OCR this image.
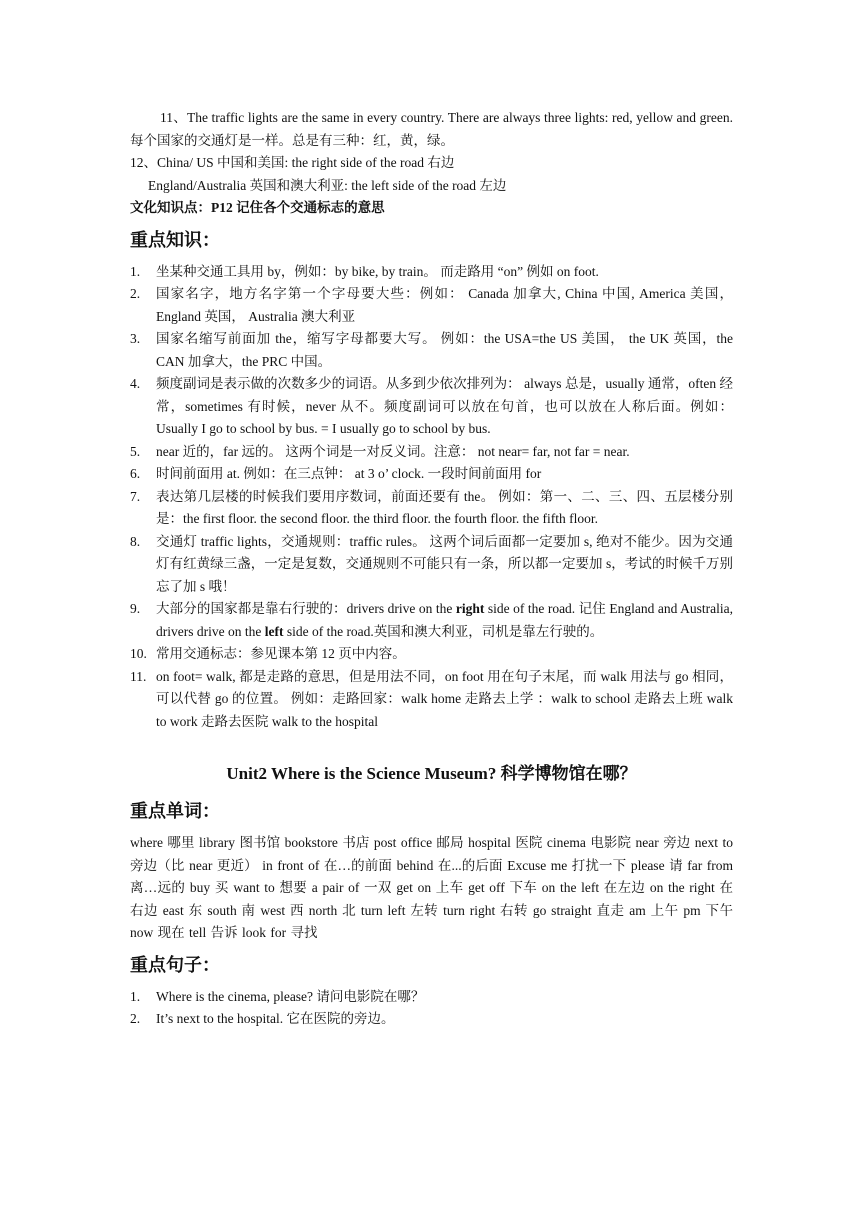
11、The traffic lights are the same in every country. There are always three lights: red, yellow and green. 每个国家的交通灯是一样。总是有三种：红，黄，绿。

12、China/ US 中国和美国: the right side of the road 右边

England/Australia 英国和澳大利亚: the left side of the road 左边

文化知识点：P12 记住各个交通标志的意思

重点知识：
1. 坐某种交通工具用 by，例如：by bike, by train。 而走路用 “on” 例如 on foot.
2. 国家名字，地方名字第一个字母要大些：例如： Canada 加拿大, China 中国, America 美国， England 英国， Australia 澳大利亚
3. 国家名缩写前面加 the，缩写字母都要大写。 例如：the USA=the US 美国， the UK 英国，the CAN 加拿大，the PRC 中国。
4. 频度副词是表示做的次数多少的词语。从多到少依次排列为： always 总是，usually 通常，often 经常，sometimes 有时候，never 从不。频度副词可以放在句首，也可以放在人称后面。例如：Usually I go to school by bus. = I usually go to school by bus.
5. near 近的，far 远的。 这两个词是一对反义词。注意： not near= far, not far = near.
6. 时间前面用 at. 例如：在三点钟： at 3 o’ clock. 一段时间前面用 for
7. 表达第几层楼的时候我们要用序数词，前面还要有 the。 例如：第一、二、三、四、五层楼分别是：the first floor. the second floor. the third floor. the fourth floor. the fifth floor.
8. 交通灯 traffic lights，交通规则：traffic rules。 这两个词后面都一定要加 s, 绝对不能少。因为交通灯有红黄绿三盏，一定是复数，交通规则不可能只有一条，所以都一定要加 s，考试的时候千万别忘了加 s 哦！
9. 大部分的国家都是靠右行驶的：drivers drive on the right side of the road. 记住 England and Australia, drivers drive on the left side of the road.英国和澳大利亚，司机是靠左行驶的。
10. 常用交通标志：参见课本第 12 页中内容。
11. on foot= walk, 都是走路的意思，但是用法不同，on foot 用在句子末尾，而 walk 用法与 go 相同，可以代替 go 的位置。 例如：走路回家：walk home 走路去上学 ：walk to school 走路去上班 walk to work 走路去医院 walk to the hospital
Unit2 Where is the Science Museum? 科学博物馆在哪？
重点单词：

where 哪里 library 图书馆 bookstore 书店 post office 邮局 hospital 医院 cinema 电影院 near 旁边 next to 旁边（比 near 更近） in front of 在…的前面 behind 在...的后面 Excuse me 打扰一下 please 请 far from 离…远的 buy 买 want to 想要 a pair of 一双 get on 上车 get off 下车 on the left 在左边 on the right 在右边 east 东 south 南 west 西 north 北 turn left 左转 turn right 右转 go straight 直走 am 上午 pm 下午 now 现在 tell 告诉 look for 寻找

重点句子：
1. Where is the cinema, please? 请问电影院在哪？
2. It’s next to the hospital. 它在医院的旁边。
